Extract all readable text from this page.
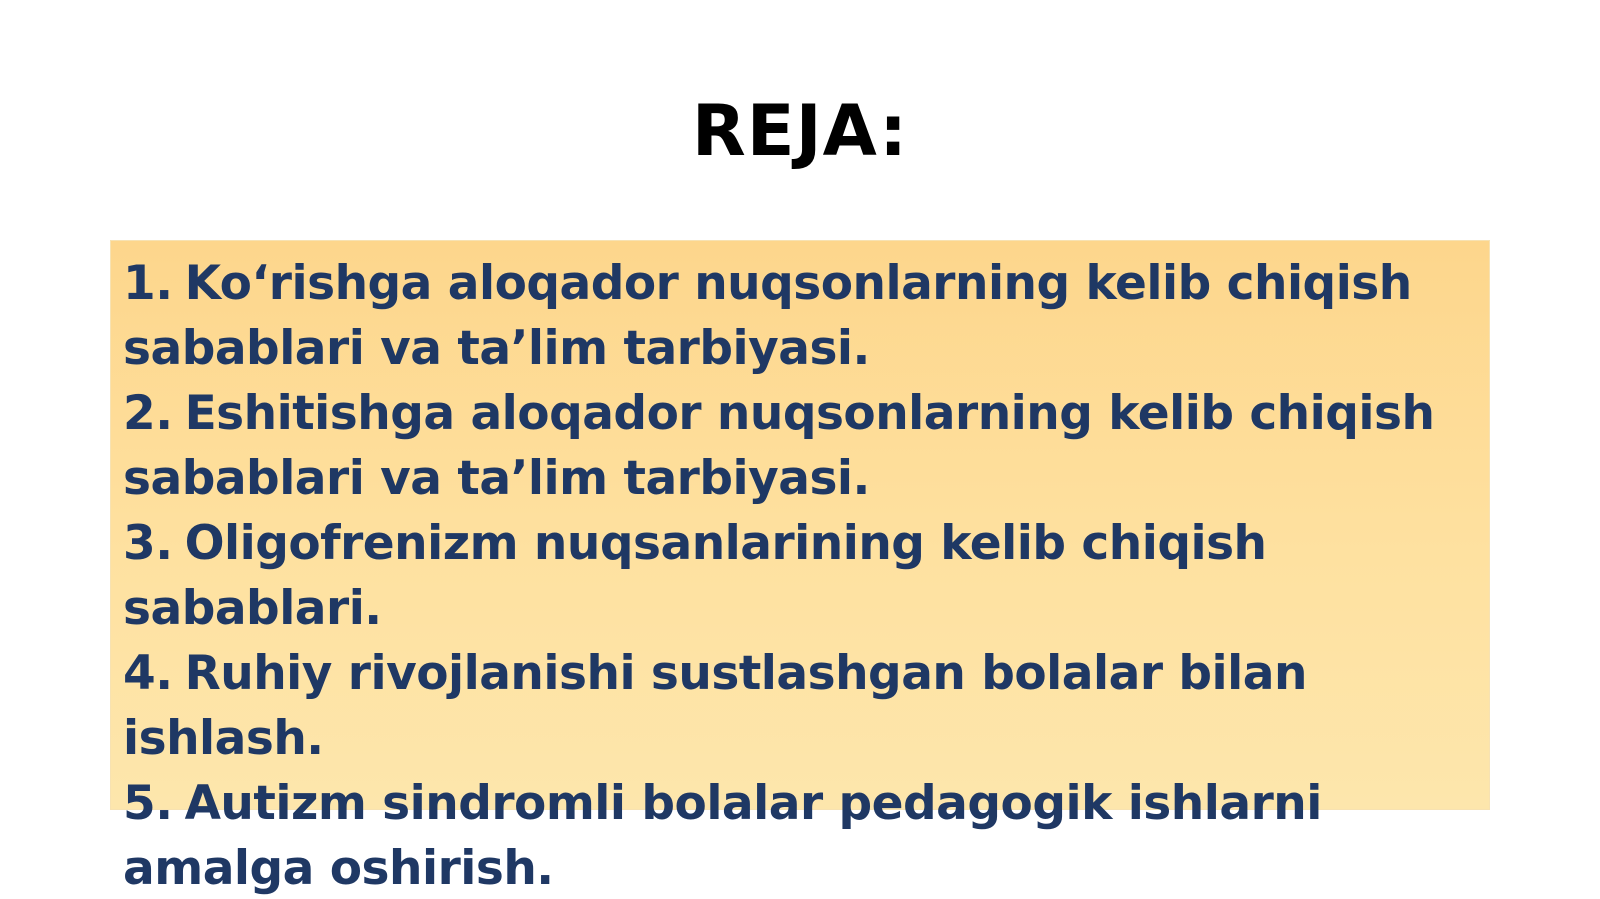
REJA:
1. Ko‘rishga aloqador nuqsonlarning kelib chiqish sabablari va ta’lim tarbiyasi.
2. Eshitishga aloqador nuqsonlarning kelib chiqish sabablari va ta’lim tarbiyasi.
3. Oligofrenizm nuqsanlarining kelib chiqish sabablari.
4. Ruhiy rivojlanishi sustlashgan bolalar bilan ishlash.
5. Autizm sindromli bolalar pedagogik ishlarni amalga oshirish.
